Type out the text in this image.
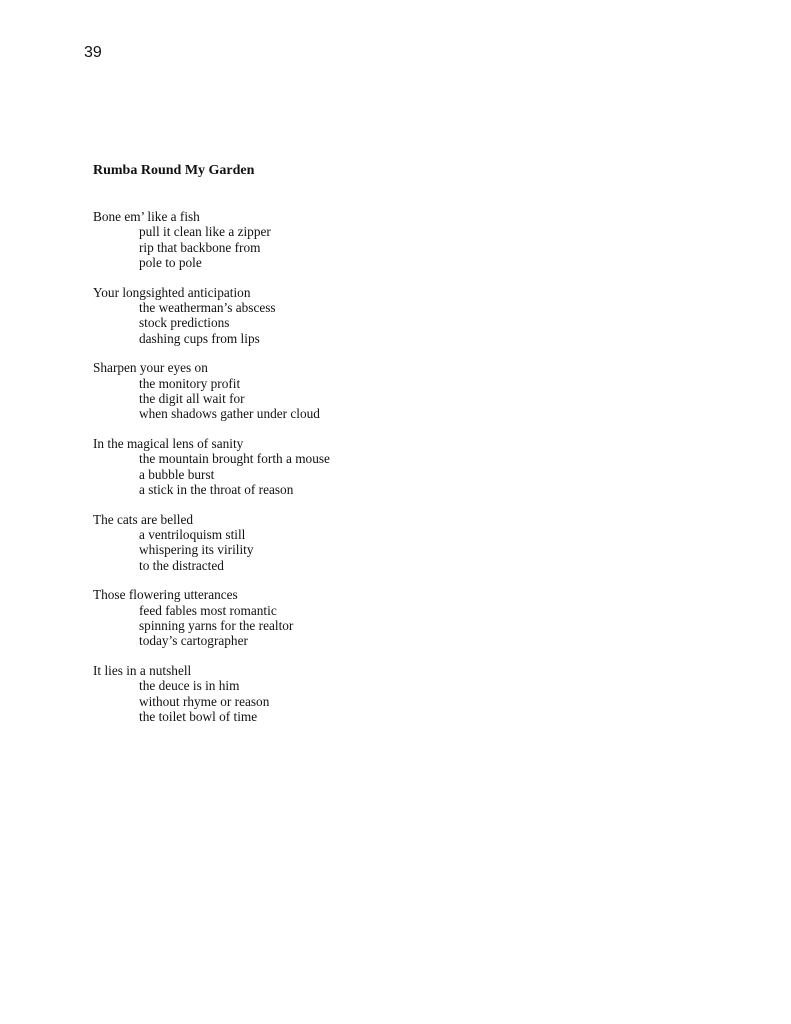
39

Rumba Round My Garden
Bone em’ like a fish
pull it clean like a zipper
rip that backbone from
pole to pole
Your longsighted anticipation
the weatherman’s abscess
stock predictions
dashing cups from lips
Sharpen your eyes on
the monitory profit
the digit all wait for
when shadows gather under cloud
In the magical lens of sanity
the mountain brought forth a mouse
a bubble burst
a stick in the throat of reason
The cats are belled
a ventriloquism still
whispering its virility
to the distracted
Those flowering utterances
feed fables most romantic
spinning yarns for the realtor
today’s cartographer
It lies in a nutshell
the deuce is in him
without rhyme or reason
the toilet bowl of time
